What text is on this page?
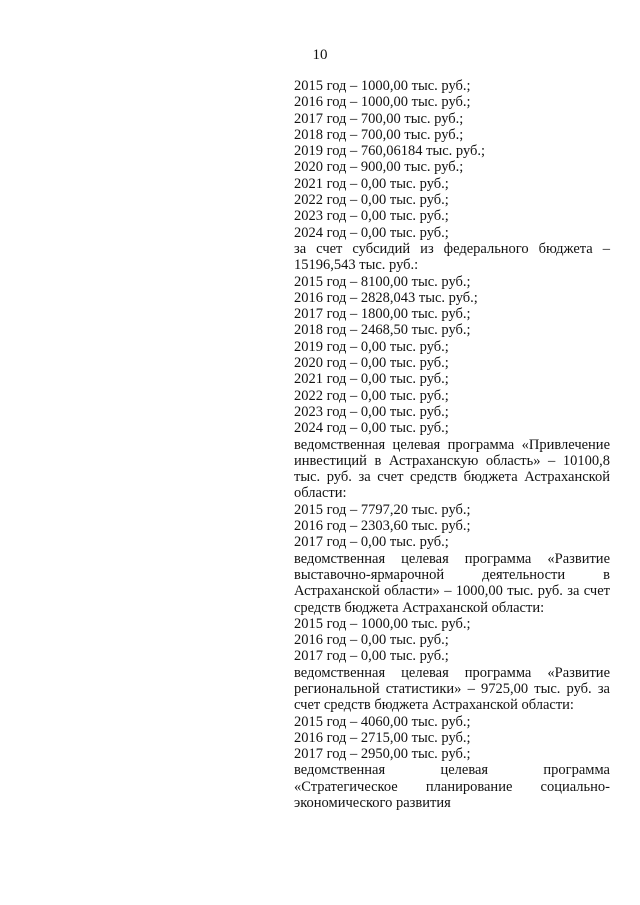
10
2015 год – 1000,00 тыс. руб.;
2016 год – 1000,00 тыс. руб.;
2017 год – 700,00 тыс. руб.;
2018 год – 700,00 тыс. руб.;
2019 год – 760,06184 тыс. руб.;
2020 год – 900,00 тыс. руб.;
2021 год – 0,00 тыс. руб.;
2022 год – 0,00 тыс. руб.;
2023 год – 0,00 тыс. руб.;
2024 год – 0,00 тыс. руб.;
за счет субсидий из федерального бюджета – 15196,543 тыс. руб.:
2015 год – 8100,00 тыс. руб.;
2016 год – 2828,043 тыс. руб.;
2017 год – 1800,00 тыс. руб.;
2018 год – 2468,50 тыс. руб.;
2019 год – 0,00 тыс. руб.;
2020 год – 0,00 тыс. руб.;
2021 год – 0,00 тыс. руб.;
2022 год – 0,00 тыс. руб.;
2023 год – 0,00 тыс. руб.;
2024 год – 0,00 тыс. руб.;
ведомственная целевая программа «Привлечение инвестиций в Астраханскую область» – 10100,8 тыс. руб. за счет средств бюджета Астраханской области:
2015 год – 7797,20 тыс. руб.;
2016 год – 2303,60 тыс. руб.;
2017 год – 0,00 тыс. руб.;
ведомственная целевая программа «Развитие выставочно-ярмарочной деятельности в Астраханской области» – 1000,00 тыс. руб. за счет средств бюджета Астраханской области:
2015 год – 1000,00 тыс. руб.;
2016 год – 0,00 тыс. руб.;
2017 год – 0,00 тыс. руб.;
ведомственная целевая программа «Развитие региональной статистики» – 9725,00 тыс. руб. за счет средств бюджета Астраханской области:
2015 год – 4060,00 тыс. руб.;
2016 год – 2715,00 тыс. руб.;
2017 год – 2950,00 тыс. руб.;
ведомственная целевая программа «Стратегическое планирование социально-экономического развития
